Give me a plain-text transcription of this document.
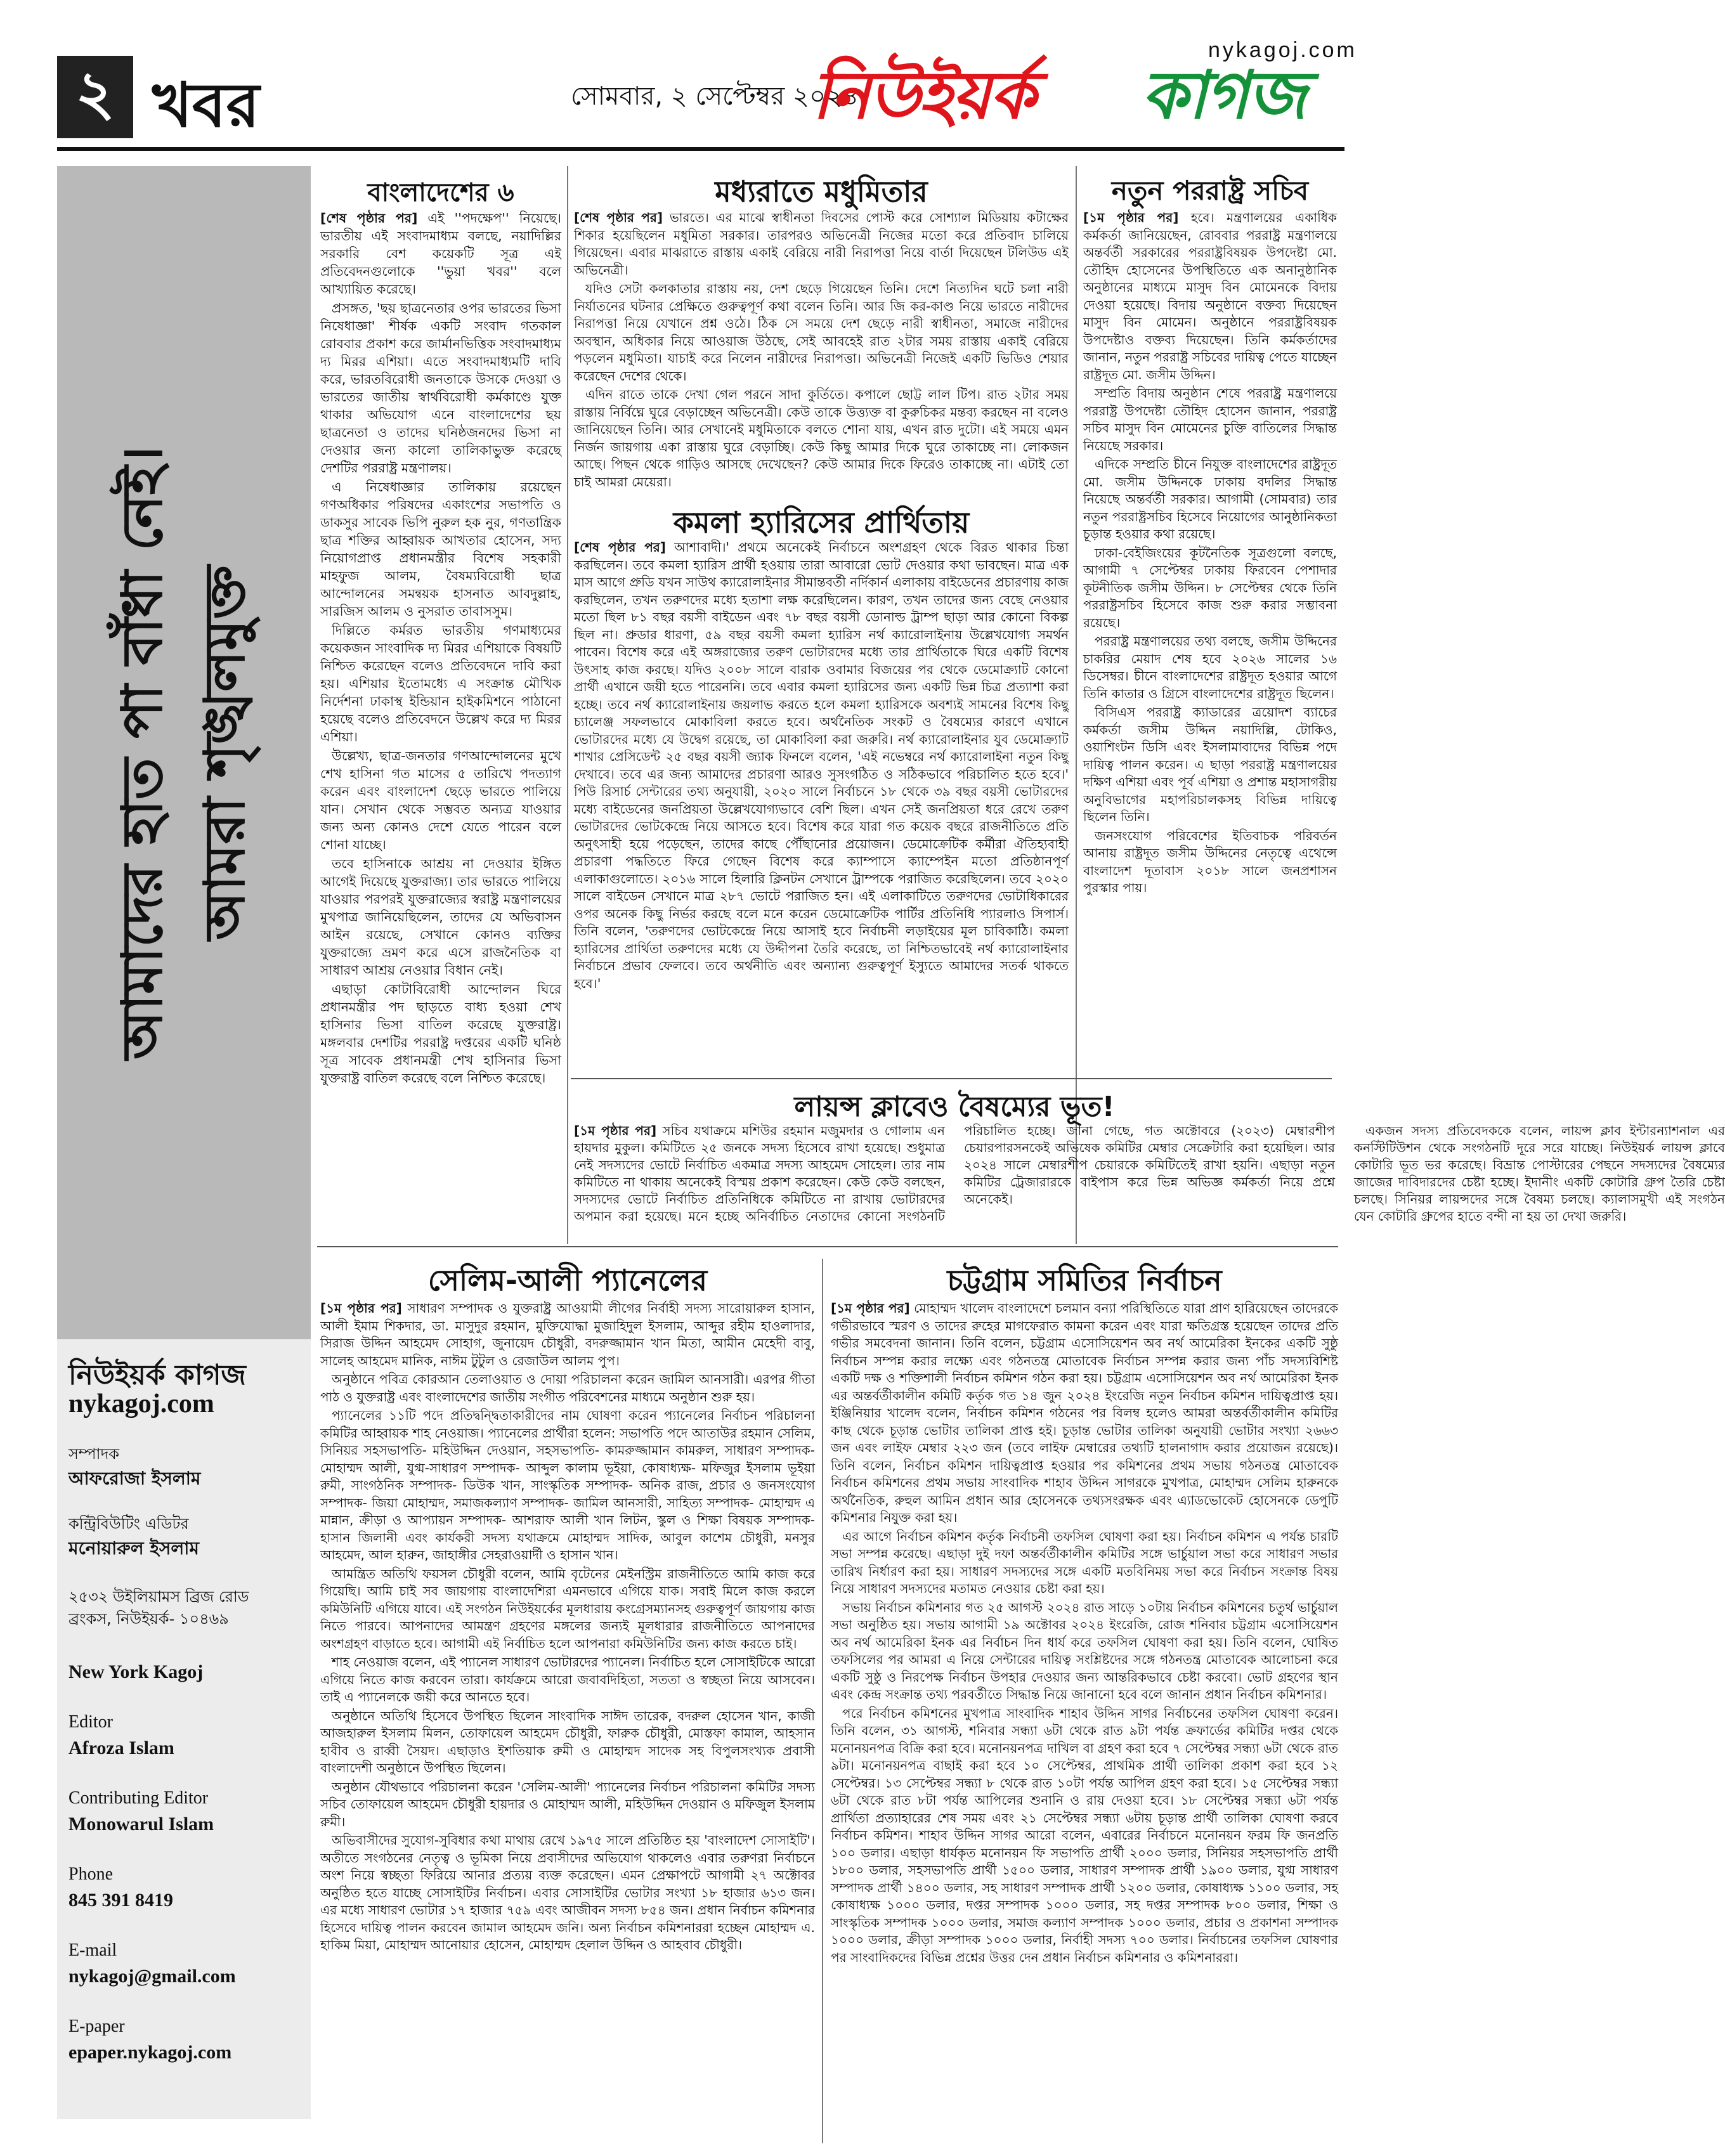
২ খবর	সোমবার, ২ সেপ্টেম্বর ২০২৪
নিউইয়র্ক কাগজ
nykagoj.com
আমাদের হাত পা বাঁধা নেই। আমরা শৃঙ্খলমুক্ত
নিউইয়র্ক কাগজ
nykagoj.com
সম্পাদক
আফরোজা ইসলাম
কন্ট্রিবিউটিং এডিটর
মনোয়ারুল ইসলাম
২৫৩২ উইলিয়ামস ব্রিজ রোড
ব্রংকস, নিউইয়র্ক- ১০৪৬৯
New York Kagoj
Editor
Afroza Islam
Contributing Editor
Monowarul Islam
Phone
845 391 8419
E-mail
nykagoj@gmail.com
E-paper
epaper.nykagoj.com
বাংলাদেশের ৬

[শেষ পৃষ্ঠার পর] এই ''পদক্ষেপ'' নিয়েছে। ভারতীয় এই সংবাদমাধ্যম বলছে, নয়াদিল্লির সরকারি বেশ কয়েকটি সূত্র এই প্রতিবেদনগুলোকে ''ভুয়া খবর'' বলে আখ্যায়িত করেছে।

প্রসঙ্গত, 'ছয় ছাত্রনেতার ওপর ভারতের ভিসা নিষেধাজ্ঞা' শীর্ষক একটি সংবাদ গতকাল রোববার প্রকাশ করে জার্মানভিত্তিক সংবাদমাধ্যম দ্য মিরর এশিয়া। এতে সংবাদমাধ্যমটি দাবি করে, ভারতবিরোধী জনতাকে উসকে দেওয়া ও ভারতের জাতীয় স্বার্থবিরোধী কর্মকাণ্ডে যুক্ত থাকার অভিযোগ এনে বাংলাদেশের ছয় ছাত্রনেতা ও তাদের ঘনিষ্ঠজনদের ভিসা না দেওয়ার জন্য কালো তালিকাভুক্ত করেছে দেশটির পররাষ্ট্র মন্ত্রণালয়।

এ নিষেধাজ্ঞার তালিকায় রয়েছেন গণঅধিকার পরিষদের একাংশের সভাপতি ও ডাকসুর সাবেক ভিপি নুরুল হক নুর, গণতান্ত্রিক ছাত্র শক্তির আহ্বায়ক আখতার হোসেন, সদ্য নিয়োগপ্রাপ্ত প্রধানমন্ত্রীর বিশেষ সহকারী মাহফুজ আলম, বৈষম্যবিরোধী ছাত্র আন্দোলনের সমন্বয়ক হাসনাত আবদুল্লাহ, সারজিস আলম ও নুসরাত তাবাসসুম।

দিল্লিতে কর্মরত ভারতীয় গণমাধ্যমের কয়েকজন সাংবাদিক দ্য মিরর এশিয়াকে বিষয়টি নিশ্চিত করেছেন বলেও প্রতিবেদনে দাবি করা হয়। এশিয়ার ইতোমধ্যে এ সংক্রান্ত মৌখিক নির্দেশনা ঢাকাস্থ ইন্ডিয়ান হাইকমিশনে পাঠানো হয়েছে বলেও প্রতিবেদনে উল্লেখ করে দ্য মিরর এশিয়া।

উল্লেখ্য, ছাত্র-জনতার গণআন্দোলনের মুখে শেখ হাসিনা গত মাসের ৫ তারিখে পদত্যাগ করেন এবং বাংলাদেশ ছেড়ে ভারতে পালিয়ে যান। সেখান থেকে সম্ভবত অন্যত্র যাওয়ার জন্য অন্য কোনও দেশে যেতে পারেন বলে শোনা যাচ্ছে।

তবে হাসিনাকে আশ্রয় না দেওয়ার ইঙ্গিত আগেই দিয়েছে যুক্তরাজ্য। তার ভারতে পালিয়ে যাওয়ার পরপরই যুক্তরাজ্যের স্বরাষ্ট্র মন্ত্রণালয়ের মুখপাত্র জানিয়েছিলেন, তাদের যে অভিবাসন আইন রয়েছে, সেখানে কোনও ব্যক্তির যুক্তরাজ্যে ভ্রমণ করে এসে রাজনৈতিক বা সাধারণ আশ্রয় নেওয়ার বিধান নেই।

এছাড়া কোটাবিরোধী আন্দোলন ঘিরে প্রধানমন্ত্রীর পদ ছাড়তে বাধ্য হওয়া শেখ হাসিনার ভিসা বাতিল করেছে যুক্তরাষ্ট্র। মঙ্গলবার দেশটির পররাষ্ট্র দপ্তরের একটি ঘনিষ্ঠ সূত্র সাবেক প্রধানমন্ত্রী শেখ হাসিনার ভিসা যুক্তরাষ্ট্র বাতিল করেছে বলে নিশ্চিত করেছে।

মধ্যরাতে মধুমিতার

[শেষ পৃষ্ঠার পর] ভারতে। এর মাঝে স্বাধীনতা দিবসের পোস্ট করে সোশ্যাল মিডিয়ায় কটাক্ষের শিকার হয়েছিলেন মধুমিতা সরকার। তারপরও অভিনেত্রী নিজের মতো করে প্রতিবাদ চালিয়ে গিয়েছেন। এবার মাঝরাতে রাস্তায় একাই বেরিয়ে নারী নিরাপত্তা নিয়ে বার্তা দিয়েছেন টলিউড এই অভিনেত্রী।

যদিও সেটা কলকাতার রাস্তায় নয়, দেশ ছেড়ে গিয়েছেন তিনি। দেশে নিত্যদিন ঘটে চলা নারী নির্যাতনের ঘটনার প্রেক্ষিতে গুরুত্বপূর্ণ কথা বলেন তিনি। আর জি কর-কাণ্ড নিয়ে ভারতে নারীদের নিরাপত্তা নিয়ে যেখানে প্রশ্ন ওঠে। ঠিক সে সময়ে দেশ ছেড়ে নারী স্বাধীনতা, সমাজে নারীদের অবস্থান, অধিকার নিয়ে আওয়াজ উঠছে, সেই আবহেই রাত ২টার সময় রাস্তায় একাই বেরিয়ে পড়লেন মধুমিতা। যাচাই করে নিলেন নারীদের নিরাপত্তা। অভিনেত্রী নিজেই একটি ভিডিও শেয়ার করেছেন দেশের থেকে।

এদিন রাতে তাকে দেখা গেল পরনে সাদা কুর্তিতে। কপালে ছোট্ট লাল টিপ। রাত ২টার সময় রাস্তায় নির্বিঘ্নে ঘুরে বেড়াচ্ছেন অভিনেত্রী। কেউ তাকে উত্ত্যক্ত বা কুরুচিকর মন্তব্য করছেন না বলেও জানিয়েছেন তিনি। আর সেখানেই মধুমিতাকে বলতে শোনা যায়, এখন রাত দুটো। এই সময়ে এমন নির্জন জায়গায় একা রাস্তায় ঘুরে বেড়াচ্ছি। কেউ কিছু আমার দিকে ঘুরে তাকাচ্ছে না। লোকজন আছে। পিছন থেকে গাড়িও আসছে দেখেছেন? কেউ আমার দিকে ফিরেও তাকাচ্ছে না। এটাই তো চাই আমরা মেয়েরা।

কমলা হ্যারিসের প্রার্থিতায়

[শেষ পৃষ্ঠার পর] আশাবাদী।' প্রথমে অনেকেই নির্বাচনে অংশগ্রহণ থেকে বিরত থাকার চিন্তা করছিলেন। তবে কমলা হ্যারিস প্রার্থী হওয়ায় তারা আবারো ভোট দেওয়ার কথা ভাবছেন। মাত্র এক মাস আগে প্রুডি যখন সাউথ ক্যারোলাইনার সীমান্তবর্তী নর্দিকার্ন এলাকায় বাইডেনের প্রচারণায় কাজ করছিলেন, তখন তরুণদের মধ্যে হতাশা লক্ষ করেছিলেন। কারণ, তখন তাদের জন্য বেছে নেওয়ার মতো ছিল ৮১ বছর বয়সী বাইডেন এবং ৭৮ বছর বয়সী ডোনাল্ড ট্রাম্প ছাড়া আর কোনো বিকল্প ছিল না। প্রুডার ধারণা, ৫৯ বছর বয়সী কমলা হ্যারিস নর্থ ক্যারোলাইনায় উল্লেখযোগ্য সমর্থন পাবেন। বিশেষ করে এই অঙ্গরাজ্যের তরুণ ভোটারদের মধ্যে তার প্রার্থিতাকে ঘিরে একটি বিশেষ উৎসাহ কাজ করছে। যদিও ২০০৮ সালে বারাক ওবামার বিজয়ের পর থেকে ডেমোক্র্যাট কোনো প্রার্থী এখানে জয়ী হতে পারেননি। তবে এবার কমলা হ্যারিসের জন্য একটি ভিন্ন চিত্র প্রত্যাশা করা হচ্ছে। তবে নর্থ ক্যারোলাইনায় জয়লাভ করতে হলে কমলা হ্যারিসকে অবশ্যই সামনের বিশেষ কিছু চ্যালেঞ্জ সফলভাবে মোকাবিলা করতে হবে। অর্থনৈতিক সংকট ও বৈষম্যের কারণে এখানে ভোটারদের মধ্যে যে উদ্বেগ রয়েছে, তা মোকাবিলা করা জরুরি। নর্থ ক্যারোলাইনার যুব ডেমোক্র্যাট শাখার প্রেসিডেন্ট ২৫ বছর বয়সী জ্যাক ফিনলে বলেন, 'এই নভেম্বরে নর্থ ক্যারোলাইনা নতুন কিছু দেখাবে। তবে এর জন্য আমাদের প্রচারণা আরও সুসংগঠিত ও সঠিকভাবে পরিচালিত হতে হবে।' পিউ রিসার্চ সেন্টারের তথ্য অনুযায়ী, ২০২০ সালে নির্বাচনে ১৮ থেকে ৩৯ বছর বয়সী ভোটারদের মধ্যে বাইডেনের জনপ্রিয়তা উল্লেখযোগ্যভাবে বেশি ছিল। এখন সেই জনপ্রিয়তা ধরে রেখে তরুণ ভোটারদের ভোটকেন্দ্রে নিয়ে আসতে হবে। বিশেষ করে যারা গত কয়েক বছরে রাজনীতিতে প্রতি অনুৎসাহী হয়ে পড়েছেন, তাদের কাছে পৌঁছানোর প্রয়োজন। ডেমোক্রেটিক কর্মীরা ঐতিহ্যবাহী প্রচারণা পদ্ধতিতে ফিরে গেছেন বিশেষ করে ক্যাম্পাসে ক্যাম্পেইন মতো প্রতিষ্ঠানপূর্ণ এলাকাগুলোতে। ২০১৬ সালে হিলারি ক্লিনটন সেখানে ট্রাম্পকে পরাজিত করেছিলেন। তবে ২০২০ সালে বাইডেন সেখানে মাত্র ২৮৭ ভোটে পরাজিত হন। এই এলাকাটিতে তরুণদের ভোটাধিকারের ওপর অনেক কিছু নির্ভর করছে বলে মনে করেন ডেমোক্রেটিক পার্টির প্রতিনিধি প্যারলাও সিপার্স। তিনি বলেন, 'তরুণদের ভোটকেন্দ্রে নিয়ে আসাই হবে নির্বাচনী লড়াইয়ের মূল চাবিকাঠি। কমলা হ্যারিসের প্রার্থিতা তরুণদের মধ্যে যে উদ্দীপনা তৈরি করেছে, তা নিশ্চিতভাবেই নর্থ ক্যারোলাইনার নির্বাচনে প্রভাব ফেলবে। তবে অর্থনীতি এবং অন্যান্য গুরুত্বপূর্ণ ইস্যুতে আমাদের সতর্ক থাকতে হবে।'

নতুন পররাষ্ট্র সচিব

[১ম পৃষ্ঠার পর] হবে। মন্ত্রণালয়ের একাধিক কর্মকর্তা জানিয়েছেন, রোববার পররাষ্ট্র মন্ত্রণালয়ে অন্তর্বর্তী সরকারের পররাষ্ট্রবিষয়ক উপদেষ্টা মো. তৌহিদ হোসেনের উপস্থিতিতে এক অনানুষ্ঠানিক অনুষ্ঠানের মাধ্যমে মাসুদ বিন মোমেনকে বিদায় দেওয়া হয়েছে। বিদায় অনুষ্ঠানে বক্তব্য দিয়েছেন মাসুদ বিন মোমেন। অনুষ্ঠানে পররাষ্ট্রবিষয়ক উপদেষ্টাও বক্তব্য দিয়েছেন। তিনি কর্মকর্তাদের জানান, নতুন পররাষ্ট্র সচিবের দায়িত্ব পেতে যাচ্ছেন রাষ্ট্রদূত মো. জসীম উদ্দিন।

সম্প্রতি বিদায় অনুষ্ঠান শেষে পররাষ্ট্র মন্ত্রণালয়ে পররাষ্ট্র উপদেষ্টা তৌহিদ হোসেন জানান, পররাষ্ট্র সচিব মাসুদ বিন মোমেনের চুক্তি বাতিলের সিদ্ধান্ত নিয়েছে সরকার।

এদিকে সম্প্রতি চীনে নিযুক্ত বাংলাদেশের রাষ্ট্রদূত মো. জসীম উদ্দিনকে ঢাকায় বদলির সিদ্ধান্ত নিয়েছে অন্তর্বর্তী সরকার। আগামী (সোমবার) তার নতুন পররাষ্ট্রসচিব হিসেবে নিয়োগের আনুষ্ঠানিকতা চূড়ান্ত হওয়ার কথা রয়েছে।

ঢাকা-বেইজিংয়ের কূটনৈতিক সূত্রগুলো বলছে, আগামী ৭ সেপ্টেম্বর ঢাকায় ফিরবেন পেশাদার কূটনীতিক জসীম উদ্দিন। ৮ সেপ্টেম্বর থেকে তিনি পররাষ্ট্রসচিব হিসেবে কাজ শুরু করার সম্ভাবনা রয়েছে।

পররাষ্ট্র মন্ত্রণালয়ের তথ্য বলছে, জসীম উদ্দিনের চাকরির মেয়াদ শেষ হবে ২০২৬ সালের ১৬ ডিসেম্বর। চীনে বাংলাদেশের রাষ্ট্রদূত হওয়ার আগে তিনি কাতার ও গ্রিসে বাংলাদেশের রাষ্ট্রদূত ছিলেন।

বিসিএস পররাষ্ট্র ক্যাডারের ত্রয়োদশ ব্যাচের কর্মকর্তা জসীম উদ্দিন নয়াদিল্লি, টোকিও, ওয়াশিংটন ডিসি এবং ইসলামাবাদের বিভিন্ন পদে দায়িত্ব পালন করেন। এ ছাড়া পররাষ্ট্র মন্ত্রণালয়ের দক্ষিণ এশিয়া এবং পূর্ব এশিয়া ও প্রশান্ত মহাসাগরীয় অনুবিভাগের মহাপরিচালকসহ বিভিন্ন দায়িত্বে ছিলেন তিনি।

জনসংযোগ পরিবেশের ইতিবাচক পরিবর্তন আনায় রাষ্ট্রদূত জসীম উদ্দিনের নেতৃত্বে এথেন্সে বাংলাদেশ দূতাবাস ২০১৮ সালে জনপ্রশাসন পুরস্কার পায়।

লায়ন্স ক্লাবেও বৈষম্যের ভূত!

[১ম পৃষ্ঠার পর] সচিব যথাক্রমে মশিউর রহমান মজুমদার ও গোলাম এন হায়দার মুকুল। কমিটিতে ২৫ জনকে সদস্য হিসেবে রাখা হয়েছে। শুধুমাত্র নেই সদস্যদের ভোটে নির্বাচিত একমাত্র সদস্য আহমেদ সোহেল। তার নাম কমিটিতে না থাকায় অনেকেই বিস্ময় প্রকাশ করেছেন। কেউ কেউ বলছেন, সদস্যদের ভোটে নির্বাচিত প্রতিনিধিকে কমিটিতে না রাখায় ভোটারদের অপমান করা হয়েছে। মনে হচ্ছে অনির্বাচিত নেতাদের কোনো সংগঠনটি পরিচালিত হচ্ছে। জানা গেছে, গত অক্টোবরে (২০২৩) মেম্বারশীপ চেয়ারপারসনকেই অভিষেক কমিটির মেম্বার সেক্রেটারি করা হয়েছিল। আর ২০২৪ সালে মেম্বারশীপ চেয়ারকে কমিটিতেই রাখা হয়নি। এছাড়া নতুন কমিটির ট্রেজারারকে বাইপাস করে ভিন্ন অভিজ্ঞ কর্মকর্তা নিয়ে প্রশ্নে অনেকেই।

একজন সদস্য প্রতিবেদককে বলেন, লায়ন্স ক্লাব ইন্টারন্যাশনাল এর কনস্টিটিউশন থেকে সংগঠনটি দূরে সরে যাচ্ছে। নিউইয়র্ক লায়ন্স ক্লাবে কোটারি ভূত ভর করেছে। বিভ্রান্ত পোস্টারের পেছনে সদস্যদের বৈষম্যের জাজের দাবিদারদের চেষ্টা হচ্ছে। ইদানীং একটি কোটারি গ্রুপ তৈরি চেষ্টা চলছে। সিনিয়র লায়ন্সদের সঙ্গে বৈষম্য চলছে। ক্যালাসমুখী এই সংগঠন যেন কোটারি গ্রুপের হাতে বন্দী না হয় তা দেখা জরুরি।

সেলিম-আলী প্যানেলের

[১ম পৃষ্ঠার পর] সাধারণ সম্পাদক ও যুক্তরাষ্ট্র আওয়ামী লীগের নির্বাহী সদস্য সারোয়ারুল হাসান, আলী ইমাম শিকদার, ডা. মাসুদুর রহমান, মুক্তিযোদ্ধা মুজাহিদুল ইসলাম, আব্দুর রহীম হাওলাদার, সিরাজ উদ্দিন আহমেদ সোহাগ, জুনায়েদ চৌধুরী, বদরুজ্জামান খান মিতা, আমীন মেহেদী বাবু, সালেহ আহমেদ মানিক, নাঈম টুটুল ও রেজাউল আলম পুপ।

অনুষ্ঠানে পবিত্র কোরআন তেলাওয়াত ও দোয়া পরিচালনা করেন জামিল আনসারী। এরপর গীতা পাঠ ও যুক্তরাষ্ট্র এবং বাংলাদেশের জাতীয় সংগীত পরিবেশনের মাধ্যমে অনুষ্ঠান শুরু হয়।

প্যানেলের ১১টি পদে প্রতিদ্বন্দ্বিতাকারীদের নাম ঘোষণা করেন প্যানেলের নির্বাচন পরিচালনা কমিটির আহ্বায়ক শাহ নেওয়াজ। প্যানেলের প্রার্থীরা হলেন: সভাপতি পদে আতাউর রহমান সেলিম, সিনিয়র সহসভাপতি- মহিউদ্দিন দেওয়ান, সহসভাপতি- কামরুজ্জামান কামরুল, সাধারণ সম্পাদক- মোহাম্মদ আলী, যুগ্ম-সাধারণ সম্পাদক- আব্দুল কালাম ভূইয়া, কোষাধ্যক্ষ- মফিজুর ইসলাম ভূইয়া রুমী, সাংগঠনিক সম্পাদক- ডিউক খান, সাংস্কৃতিক সম্পাদক- অনিক রাজ, প্রচার ও জনসংযোগ সম্পাদক- জিয়া মোহাম্মদ, সমাজকল্যাণ সম্পাদক- জামিল আনসারী, সাহিত্য সম্পাদক- মোহাম্মদ এ মান্নান, ক্রীড়া ও আপ্যায়ন সম্পাদক- আশরাফ আলী খান লিটন, স্কুল ও শিক্ষা বিষয়ক সম্পাদক- হাসান জিলানী এবং কার্যকরী সদস্য যথাক্রমে মোহাম্মদ সাদিক, আবুল কাশেম চৌধুরী, মনসুর আহমেদ, আল হারুন, জাহাঙ্গীর সেহরাওয়ার্দী ও হাসান খান।

আমন্ত্রিত অতিথি ফয়সল চৌধুরী বলেন, আমি বৃটেনের মেইনস্ট্রিম রাজনীতিতে আমি কাজ করে গিয়েছি। আমি চাই সব জায়গায় বাংলাদেশিরা এমনভাবে এগিয়ে যাক। সবাই মিলে কাজ করলে কমিউনিটি এগিয়ে যাবে। এই সংগঠন নিউইয়র্কের মূলধারায় কংগ্রেসম্যানসহ গুরুত্বপূর্ণ জায়গায় কাজ নিতে পারবে। আপনাদের আমন্ত্রণ গ্রহণের মঙ্গলের জন্যই মূলধারার রাজনীতিতে আপনাদের অংশগ্রহণ বাড়াতে হবে। আগামী এই নির্বাচিত হলে আপনারা কমিউনিটির জন্য কাজ করতে চাই।

শাহ নেওয়াজ বলেন, এই প্যানেল সাধারণ ভোটারদের প্যানেল। নির্বাচিত হলে সোসাইটিকে আরো এগিয়ে নিতে কাজ করবেন তারা। কার্যক্রমে আরো জবাবদিহিতা, সততা ও স্বচ্ছতা নিয়ে আসবেন। তাই এ প্যানেলকে জয়ী করে আনতে হবে।

অনুষ্ঠানে অতিথি হিসেবে উপস্থিত ছিলেন সাংবাদিক সাঈদ তারেক, বদরুল হোসেন খান, কাজী আজহারুল ইসলাম মিলন, তোফায়েল আহমেদ চৌধুরী, ফারুক চৌধুরী, মোস্তফা কামাল, আহসান হাবীব ও রাব্বী সৈয়দ। এছাড়াও ইশতিয়াক রুমী ও মোহাম্মদ সাদেক সহ বিপুলসংখ্যক প্রবাসী বাংলাদেশী অনুষ্ঠানে উপস্থিত ছিলেন।

অনুষ্ঠান যৌথভাবে পরিচালনা করেন 'সেলিম-আলী' প্যানেলের নির্বাচন পরিচালনা কমিটির সদস্য সচিব তোফায়েল আহমেদ চৌধুরী হায়দার ও মোহাম্মদ আলী, মহিউদ্দিন দেওয়ান ও মফিজুল ইসলাম রুমী।

অভিবাসীদের সুযোগ-সুবিধার কথা মাথায় রেখে ১৯৭৫ সালে প্রতিষ্ঠিত হয় 'বাংলাদেশ সোসাইটি'। অতীতে সংগঠনের নেতৃত্ব ও ভূমিকা নিয়ে প্রবাসীদের অভিযোগ থাকলেও এবার তরুণরা নির্বাচনে অংশ নিয়ে স্বচ্ছতা ফিরিয়ে আনার প্রত্যয় ব্যক্ত করেছেন। এমন প্রেক্ষাপটে আগামী ২৭ অক্টোবর অনুষ্ঠিত হতে যাচ্ছে সোসাইটির নির্বাচন। এবার সোসাইটির ভোটার সংখ্যা ১৮ হাজার ৬১৩ জন। এর মধ্যে সাধারণ ভোটার ১৭ হাজার ৭৫৯ এবং আজীবন সদস্য ৮৫৪ জন। প্রধান নির্বাচন কমিশনার হিসেবে দায়িত্ব পালন করবেন জামাল আহমেদ জনি। অন্য নির্বাচন কমিশনাররা হচ্ছেন মোহাম্মদ এ. হাকিম মিয়া, মোহাম্মদ আনোয়ার হোসেন, মোহাম্মদ হেলাল উদ্দিন ও আহবাব চৌধুরী।

চট্টগ্রাম সমিতির নির্বাচন

[১ম পৃষ্ঠার পর] মোহাম্মদ খালেদ বাংলাদেশে চলমান বন্যা পরিস্থিতিতে যারা প্রাণ হারিয়েছেন তাদেরকে গভীরভাবে স্মরণ ও তাদের রুহের মাগফেরাত কামনা করেন এবং যারা ক্ষতিগ্রস্ত হয়েছেন তাদের প্রতি গভীর সমবেদনা জানান। তিনি বলেন, চট্টগ্রাম এসোসিয়েশন অব নর্থ আমেরিকা ইনকের একটি সুষ্ঠু নির্বাচন সম্পন্ন করার লক্ষ্যে এবং গঠনতন্ত্র মোতাবেক নির্বাচন সম্পন্ন করার জন্য পাঁচ সদস্যবিশিষ্ট একটি দক্ষ ও শক্তিশালী নির্বাচন কমিশন গঠন করা হয়। চট্টগ্রাম এসোসিয়েশন অব নর্থ আমেরিকা ইনক এর অন্তর্বর্তীকালীন কমিটি কর্তৃক গত ১৪ জুন ২০২৪ ইংরেজি নতুন নির্বাচন কমিশন দায়িত্বপ্রাপ্ত হয়। ইঞ্জিনিয়ার খালেদ বলেন, নির্বাচন কমিশন গঠনের পর বিলম্ব হলেও আমরা অন্তর্বর্তীকালীন কমিটির কাছ থেকে চূড়ান্ত ভোটার তালিকা প্রাপ্ত হই। চূড়ান্ত ভোটার তালিকা অনুযায়ী ভোটার সংখ্যা ২৬৬৩ জন এবং লাইফ মেম্বার ২২৩ জন (তবে লাইফ মেম্বারের তথ্যটি হালনাগাদ করার প্রয়োজন রয়েছে)। তিনি বলেন, নির্বাচন কমিশন দায়িত্বপ্রাপ্ত হওয়ার পর কমিশনের প্রথম সভায় গঠনতন্ত্র মোতাবেক নির্বাচন কমিশনের প্রথম সভায় সাংবাদিক শাহাব উদ্দিন সাগরকে মুখপাত্র, মোহাম্মদ সেলিম হারুনকে অর্থনৈতিক, রুহুল আমিন প্রধান আর হোসেনকে তথ্যসংরক্ষক এবং এ্যাডভোকেট হোসেনকে ডেপুটি কমিশনার নিযুক্ত করা হয়।

এর আগে নির্বাচন কমিশন কর্তৃক নির্বাচনী তফসিল ঘোষণা করা হয়। নির্বাচন কমিশন এ পর্যন্ত চারটি সভা সম্পন্ন করেছে। এছাড়া দুই দফা অন্তর্বর্তীকালীন কমিটির সঙ্গে ভার্চুয়াল সভা করে সাধারণ সভার তারিখ নির্ধারণ করা হয়। সাধারণ সদস্যদের সঙ্গে একটি মতবিনিময় সভা করে নির্বাচন সংক্রান্ত বিষয় নিয়ে সাধারণ সদস্যদের মতামত নেওয়ার চেষ্টা করা হয়।

সভায় নির্বাচন কমিশনার গত ২৫ আগস্ট ২০২৪ রাত সাড়ে ১০টায় নির্বাচন কমিশনের চতুর্থ ভার্চুয়াল সভা অনুষ্ঠিত হয়। সভায় আগামী ১৯ অক্টোবর ২০২৪ ইংরেজি, রোজ শনিবার চট্টগ্রাম এসোসিয়েশন অব নর্থ আমেরিকা ইনক এর নির্বাচন দিন ধার্য করে তফসিল ঘোষণা করা হয়। তিনি বলেন, ঘোষিত তফসিলের পর আমরা এ নিয়ে সেন্টারের দায়িত্ব সংশ্লিষ্টদের সঙ্গে গঠনতন্ত্র মোতাবেক আলোচনা করে একটি সুষ্ঠু ও নিরপেক্ষ নির্বাচন উপহার দেওয়ার জন্য আন্তরিকভাবে চেষ্টা করবো। ভোট গ্রহণের স্থান এবং কেন্দ্র সংক্রান্ত তথ্য পরবর্তীতে সিদ্ধান্ত নিয়ে জানানো হবে বলে জানান প্রধান নির্বাচন কমিশনার।

পরে নির্বাচন কমিশনের মুখপাত্র সাংবাদিক শাহাব উদ্দিন সাগর নির্বাচনের তফসিল ঘোষণা করেন। তিনি বলেন, ৩১ আগস্ট, শনিবার সন্ধ্যা ৬টা থেকে রাত ৯টা পর্যন্ত ক্রফার্ডের কমিটির দপ্তর থেকে মনোনয়নপত্র বিক্রি করা হবে। মনোনয়নপত্র দাখিল বা গ্রহণ করা হবে ৭ সেপ্টেম্বর সন্ধ্যা ৬টা থেকে রাত ৯টা। মনোনয়নপত্র বাছাই করা হবে ১০ সেপ্টেম্বর, প্রাথমিক প্রার্থী তালিকা প্রকাশ করা হবে ১২ সেপ্টেম্বর। ১৩ সেপ্টেম্বর সন্ধ্যা ৮ থেকে রাত ১০টা পর্যন্ত আপিল গ্রহণ করা হবে। ১৫ সেপ্টেম্বর সন্ধ্যা ৬টা থেকে রাত ৮টা পর্যন্ত আপিলের শুনানি ও রায় দেওয়া হবে। ১৮ সেপ্টেম্বর সন্ধ্যা ৬টা পর্যন্ত প্রার্থিতা প্রত্যাহারের শেষ সময় এবং ২১ সেপ্টেম্বর সন্ধ্যা ৬টায় চূড়ান্ত প্রার্থী তালিকা ঘোষণা করবে নির্বাচন কমিশন। শাহাব উদ্দিন সাগর আরো বলেন, এবারের নির্বাচনে মনোনয়ন ফরম ফি জনপ্রতি ১০০ ডলার। এছাড়া ধার্যকৃত মনোনয়ন ফি সভাপতি প্রার্থী ২০০০ ডলার, সিনিয়র সহসভাপতি প্রার্থী ১৮০০ ডলার, সহসভাপতি প্রার্থী ১৫০০ ডলার, সাধারণ সম্পাদক প্রার্থী ১৯০০ ডলার, যুগ্ম সাধারণ সম্পাদক প্রার্থী ১৪০০ ডলার, সহ সাধারণ সম্পাদক প্রার্থী ১২০০ ডলার, কোষাধ্যক্ষ ১১০০ ডলার, সহ কোষাধ্যক্ষ ১০০০ ডলার, দপ্তর সম্পাদক ১০০০ ডলার, সহ দপ্তর সম্পাদক ৮০০ ডলার, শিক্ষা ও সাংস্কৃতিক সম্পাদক ১০০০ ডলার, সমাজ কল্যাণ সম্পাদক ১০০০ ডলার, প্রচার ও প্রকাশনা সম্পাদক ১০০০ ডলার, ক্রীড়া সম্পাদক ১০০০ ডলার, নির্বাহী সদস্য ৭০০ ডলার। নির্বাচনের তফসিল ঘোষণার পর সাংবাদিকদের বিভিন্ন প্রশ্নের উত্তর দেন প্রধান নির্বাচন কমিশনার ও কমিশনাররা।
